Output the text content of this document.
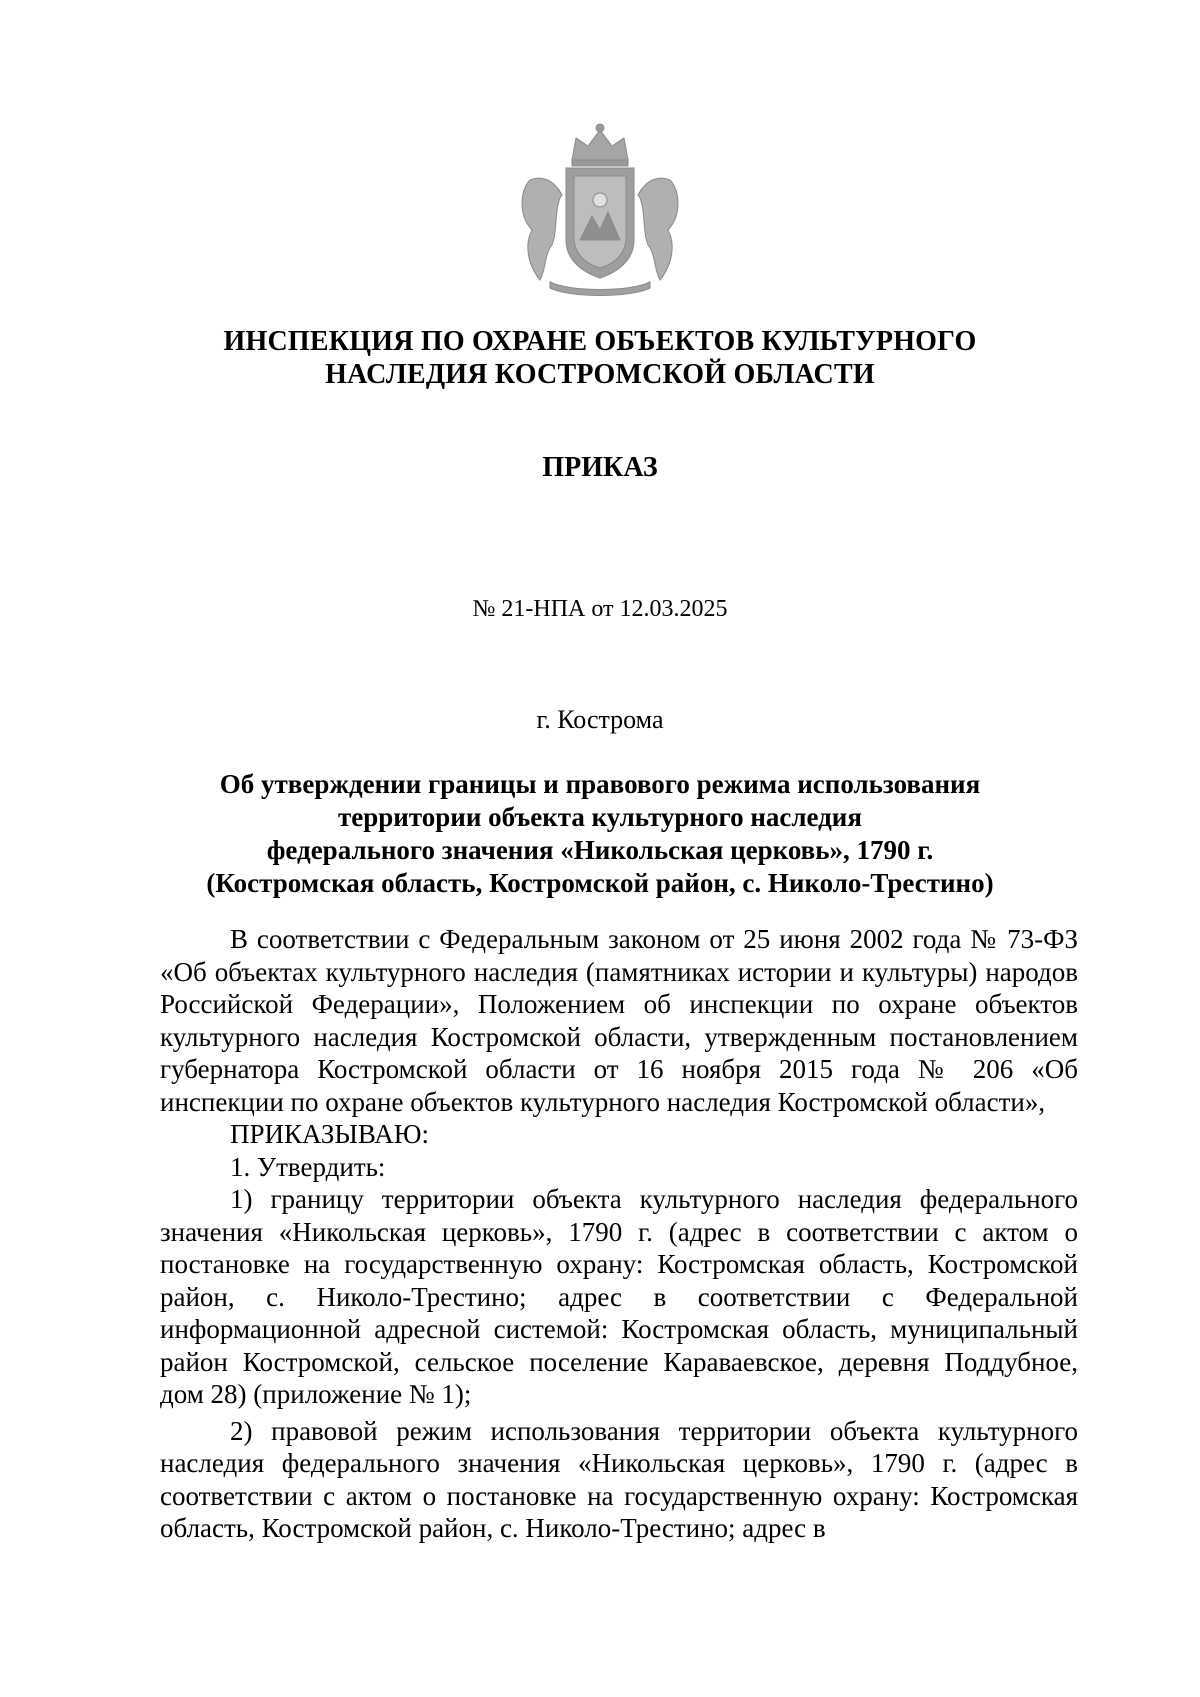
ИНСПЕКЦИЯ ПО ОХРАНЕ ОБЪЕКТОВ КУЛЬТУРНОГО
НАСЛЕДИЯ КОСТРОМСКОЙ ОБЛАСТИ
ПРИКАЗ
№ 21-НПА от 12.03.2025
г. Кострома
Об утверждении границы и правового режима использования
территории объекта культурного наследия
федерального значения «Никольская церковь», 1790 г.
(Костромская область, Костромской район, с. Николо-Трестино)

В соответствии с Федеральным законом от 25 июня 2002 года № 73-ФЗ «Об объектах культурного наследия (памятниках истории и культуры) народов Российской Федерации», Положением об инспекции по охране объектов культурного наследия Костромской области, утвержденным постановлением губернатора Костромской области от 16 ноября 2015 года № 206 «Об инспекции по охране объектов культурного наследия Костромской области»,

ПРИКАЗЫВАЮ:

1. Утвердить:

1) границу территории объекта культурного наследия федерального значения «Никольская церковь», 1790 г. (адрес в соответствии с актом о постановке на государственную охрану: Костромская область, Костромской район, с. Николо-Трестино; адрес в соответствии с Федеральной информационной адресной системой: Костромская область, муниципальный район Костромской, сельское поселение Караваевское, деревня Поддубное, дом 28) (приложение № 1);

2) правовой режим использования территории объекта культурного наследия федерального значения «Никольская церковь», 1790 г. (адрес в соответствии с актом о постановке на государственную охрану: Костромская область, Костромской район, с. Николо-Трестино; адрес в
